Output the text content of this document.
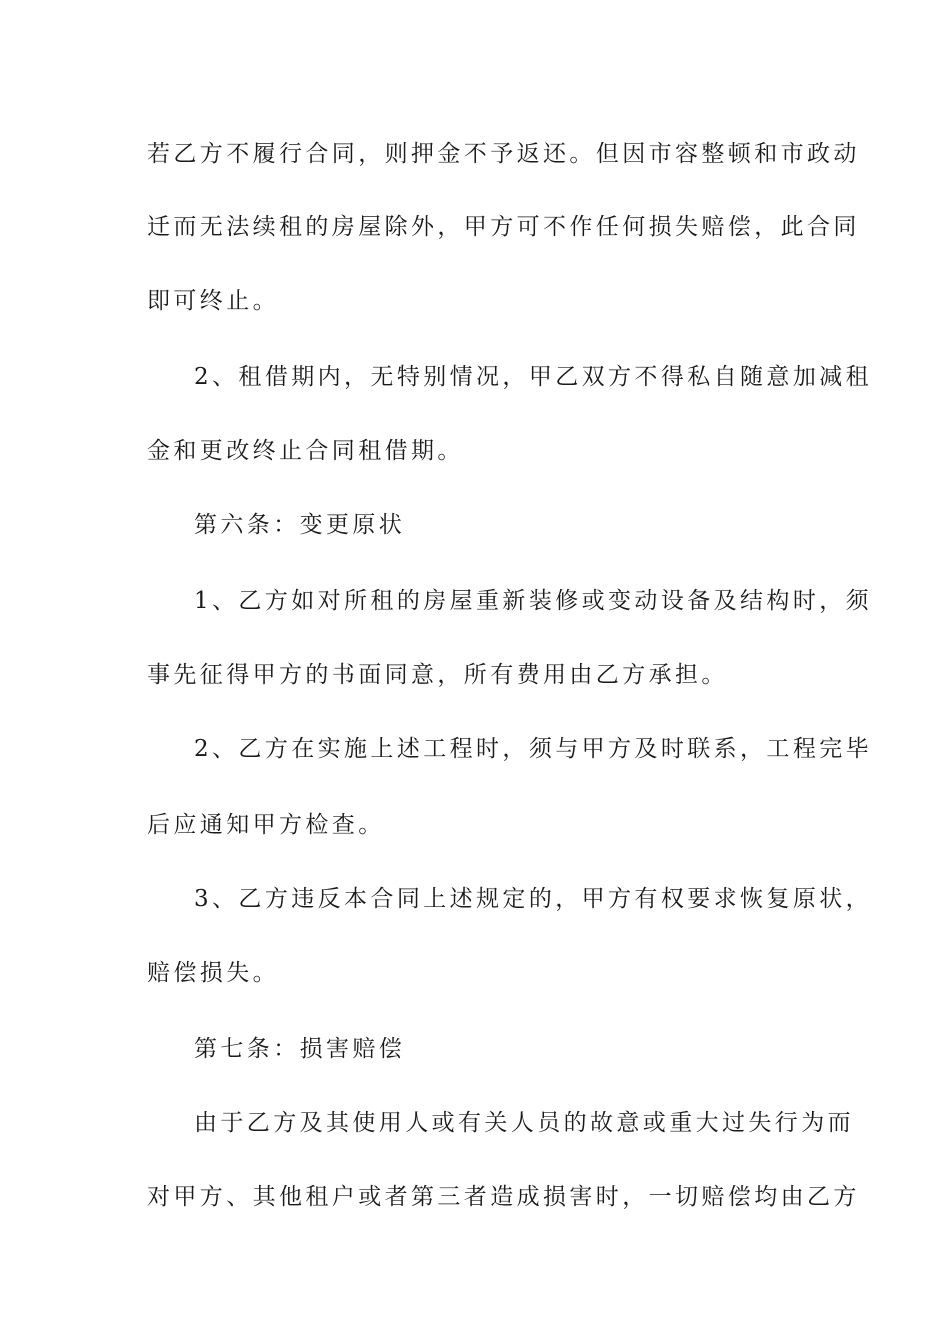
若乙方不履行合同，则押金不予返还。但因市容整顿和市政动
迁而无法续租的房屋除外，甲方可不作任何损失赔偿，此合同
即可终止。
2、租借期内，无特别情况，甲乙双方不得私自随意加减租
金和更改终止合同租借期。
第六条：变更原状
1、乙方如对所租的房屋重新装修或变动设备及结构时，须
事先征得甲方的书面同意，所有费用由乙方承担。
2、乙方在实施上述工程时，须与甲方及时联系，工程完毕
后应通知甲方检查。
3、乙方违反本合同上述规定的，甲方有权要求恢复原状，
赔偿损失。
第七条：损害赔偿
由于乙方及其使用人或有关人员的故意或重大过失行为而
对甲方、其他租户或者第三者造成损害时，一切赔偿均由乙方
